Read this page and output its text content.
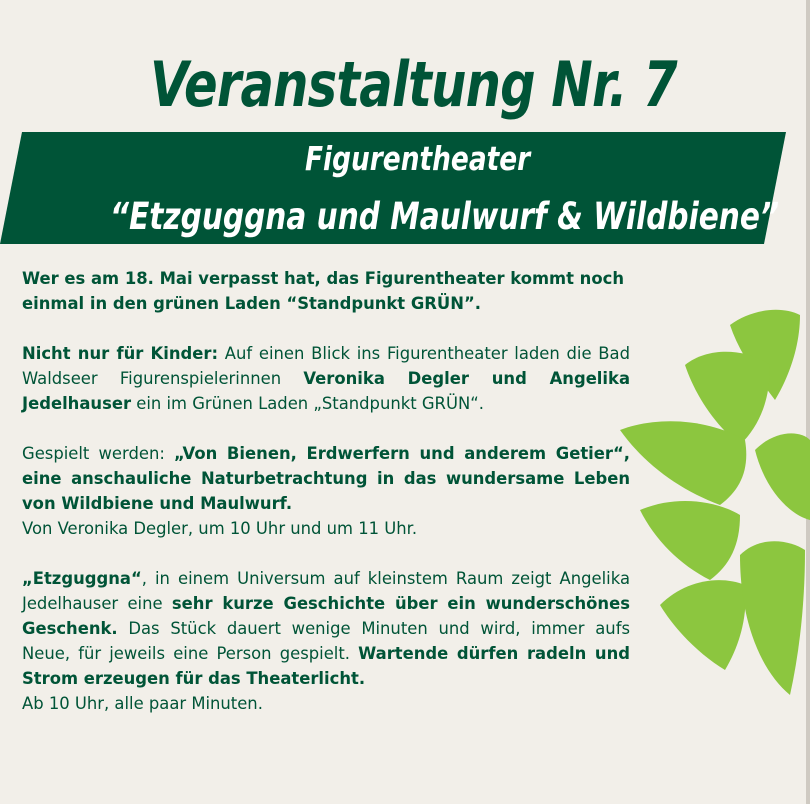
Veranstaltung Nr. 7
Figurentheater
“Etzguggna und Maulwurf & Wildbiene”

Wer es am 18. Mai verpasst hat, das Figurentheater kommt noch einmal in den grünen Laden “Standpunkt GRÜN”.

Nicht nur für Kinder: Auf einen Blick ins Figurentheater laden die Bad Waldseer Figurenspielerinnen Veronika Degler und Angelika Jedelhauser ein im Grünen Laden „Standpunkt GRÜN“.

Gespielt werden: „Von Bienen, Erdwerfern und anderem Getier“, eine anschauliche Naturbetrachtung in das wundersame Leben von Wildbiene und Maulwurf.
Von Veronika Degler, um 10 Uhr und um 11 Uhr.

„Etzguggna“, in einem Universum auf kleinstem Raum zeigt Angelika Jedelhauser eine sehr kurze Geschichte über ein wunderschönes Geschenk. Das Stück dauert wenige Minuten und wird, immer aufs Neue, für jeweils eine Person gespielt. Wartende dürfen radeln und Strom erzeugen für das Theaterlicht.
Ab 10 Uhr, alle paar Minuten.
